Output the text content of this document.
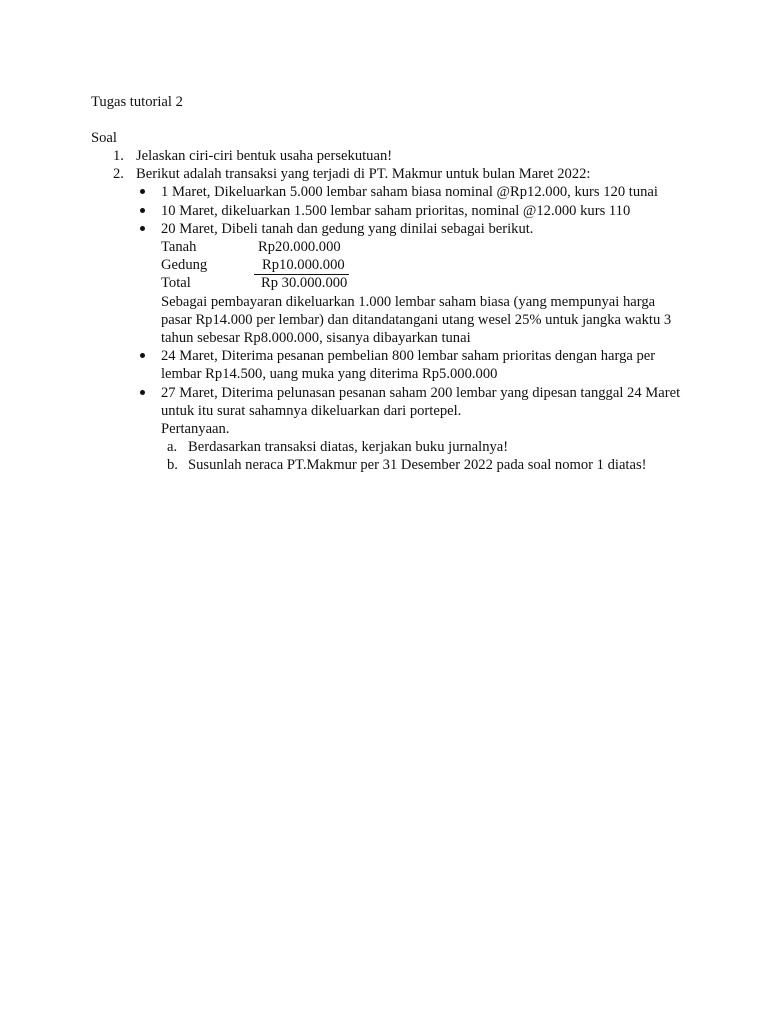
Tugas tutorial 2
Soal
1. Jelaskan ciri-ciri bentuk usaha persekutuan!
2. Berikut adalah transaksi yang terjadi di PT. Makmur untuk bulan Maret 2022:
1 Maret, Dikeluarkan 5.000 lembar saham biasa nominal @Rp12.000, kurs 120 tunai
10 Maret, dikeluarkan 1.500 lembar saham prioritas, nominal @12.000 kurs 110
20 Maret, Dibeli tanah dan gedung yang dinilai sebagai berikut.
Tanah	Rp20.000.000
Gedung	Rp10.000.000
Total	Rp 30.000.000
Sebagai pembayaran dikeluarkan 1.000 lembar saham biasa (yang mempunyai harga pasar Rp14.000 per lembar) dan ditandatangani utang wesel 25% untuk jangka waktu 3 tahun sebesar Rp8.000.000, sisanya dibayarkan tunai
24 Maret, Diterima pesanan pembelian 800 lembar saham prioritas dengan harga per lembar Rp14.500, uang muka yang diterima Rp5.000.000
27 Maret, Diterima pelunasan pesanan saham 200 lembar yang dipesan tanggal 24 Maret untuk itu surat sahamnya dikeluarkan dari portepel.
Pertanyaan.
a. Berdasarkan transaksi diatas, kerjakan buku jurnalnya!
b. Susunlah neraca PT.Makmur per 31 Desember 2022 pada soal nomor 1 diatas!
